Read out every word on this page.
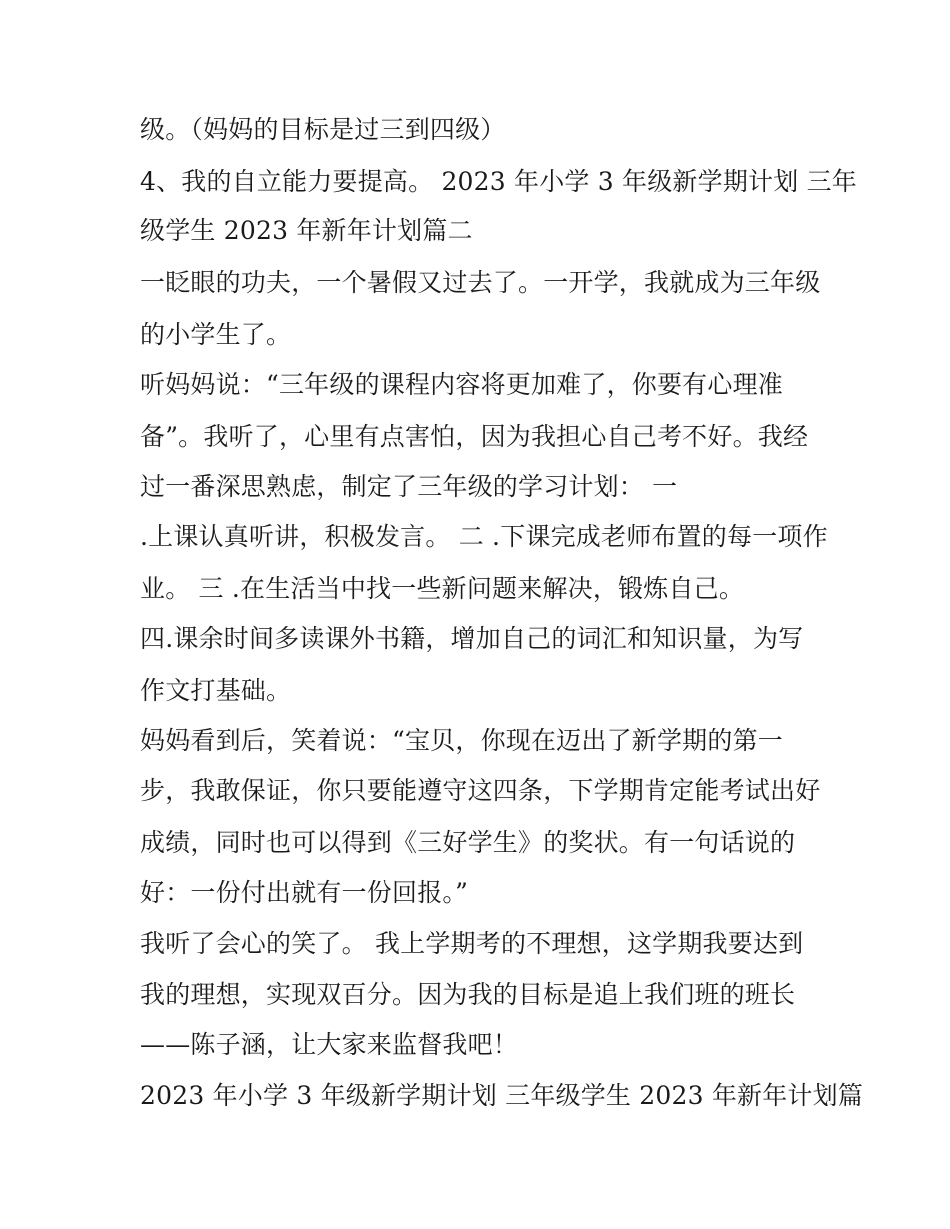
级。（妈妈的目标是过三到四级）
4、我的自立能力要提高。 2023 年小学 3 年级新学期计划 三年
级学生 2023 年新年计划篇二
一眨眼的功夫，一个暑假又过去了。一开学，我就成为三年级
的小学生了。
听妈妈说：“三年级的课程内容将更加难了，你要有心理准
备”。我听了，心里有点害怕，因为我担心自己考不好。我经
过一番深思熟虑，制定了三年级的学习计划： 一
.上课认真听讲，积极发言。 二 .下课完成老师布置的每一项作
业。 三 .在生活当中找一些新问题来解决，锻炼自己。
四.课余时间多读课外书籍，增加自己的词汇和知识量，为写
作文打基础。
妈妈看到后，笑着说：“宝贝，你现在迈出了新学期的第一
步，我敢保证，你只要能遵守这四条，下学期肯定能考试出好
成绩，同时也可以得到《三好学生》的奖状。有一句话说的
好：一份付出就有一份回报。”
我听了会心的笑了。 我上学期考的不理想，这学期我要达到
我的理想，实现双百分。因为我的目标是追上我们班的班长
——陈子涵，让大家来监督我吧！
2023 年小学 3 年级新学期计划 三年级学生 2023 年新年计划篇
